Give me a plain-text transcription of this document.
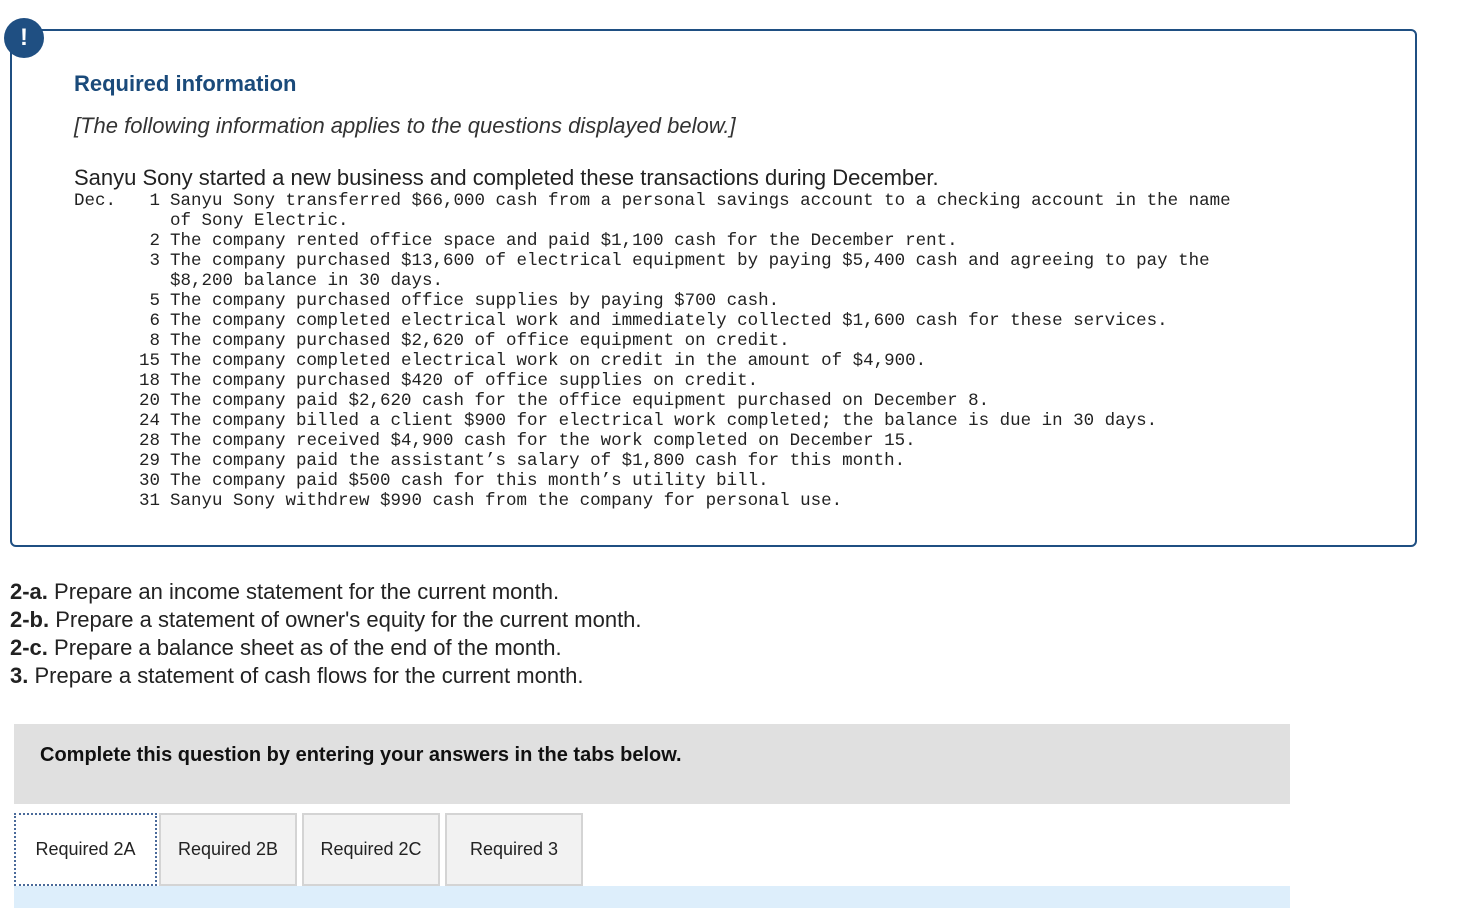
!
Required information

[The following information applies to the questions displayed below.]

Sanyu Sony started a new business and completed these transactions during December.

Dec.	1 Sanyu Sony transferred $66,000 cash from a personal savings account to a checking account in the name
of Sony Electric.
2 The company rented office space and paid $1,100 cash for the December rent.
3 The company purchased $13,600 of electrical equipment by paying $5,400 cash and agreeing to pay the
$8,200 balance in 30 days.
5 The company purchased office supplies by paying $700 cash.
6 The company completed electrical work and immediately collected $1,600 cash for these services.
8 The company purchased $2,620 of office equipment on credit.
15 The company completed electrical work on credit in the amount of $4,900.
18 The company purchased $420 of office supplies on credit.
20 The company paid $2,620 cash for the office equipment purchased on December 8.
24 The company billed a client $900 for electrical work completed; the balance is due in 30 days.
28 The company received $4,900 cash for the work completed on December 15.
29 The company paid the assistant’s salary of $1,800 cash for this month.
30 The company paid $500 cash for this month’s utility bill.
31 Sanyu Sony withdrew $990 cash from the company for personal use.
2-a. Prepare an income statement for the current month.
2-b. Prepare a statement of owner's equity for the current month.
2-c. Prepare a balance sheet as of the end of the month.
3. Prepare a statement of cash flows for the current month.
Complete this question by entering your answers in the tabs below.
Required 2A	Required 2B	Required 2C	Required 3
